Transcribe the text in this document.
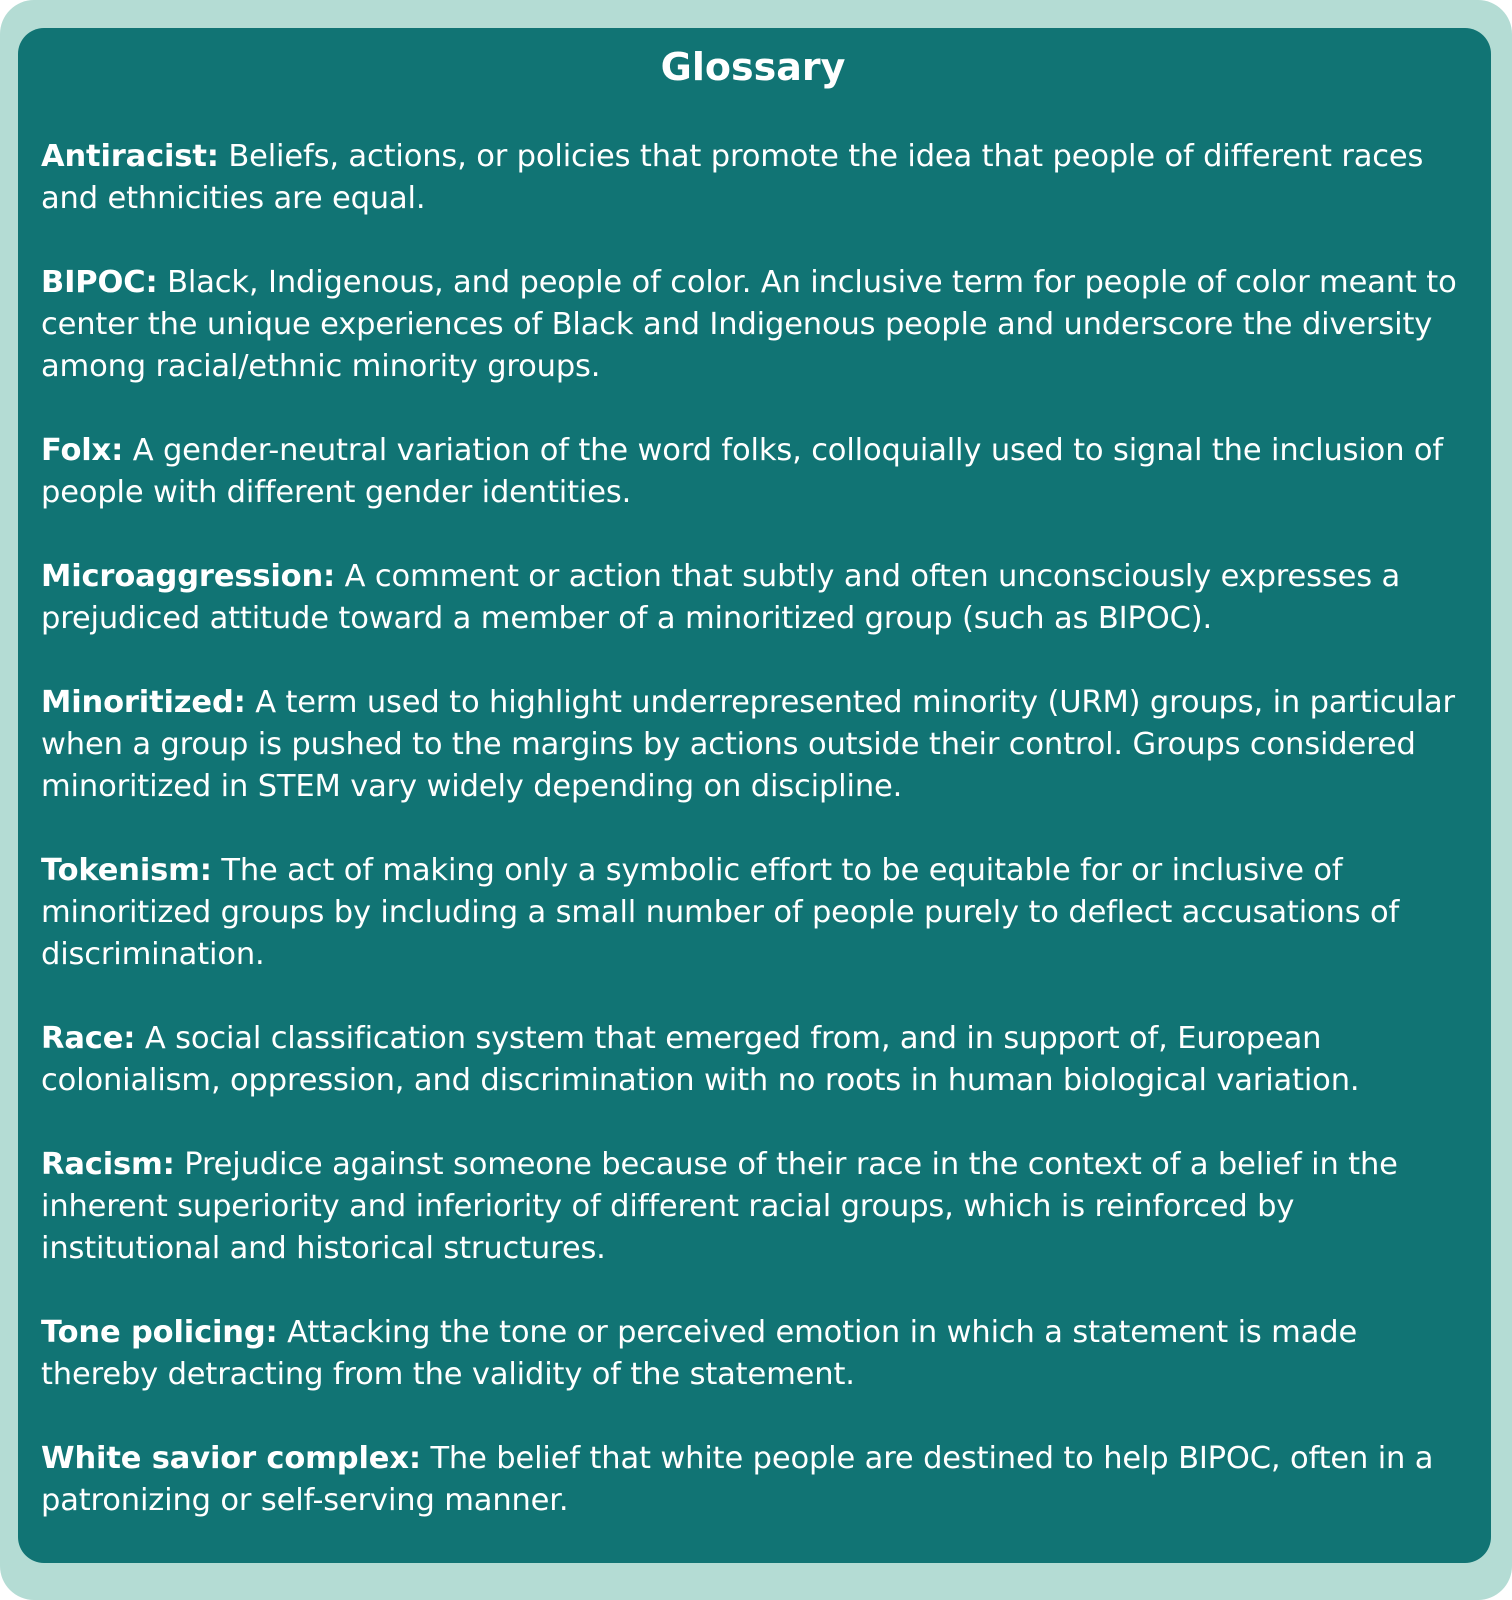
Glossary

Antiracist: Beliefs, actions, or policies that promote the idea that people of different races and ethnicities are equal.

BIPOC: Black, Indigenous, and people of color. An inclusive term for people of color meant to center the unique experiences of Black and Indigenous people and underscore the diversity among racial/ethnic minority groups.

Folx: A gender-neutral variation of the word folks, colloquially used to signal the inclusion of people with different gender identities.

Microaggression: A comment or action that subtly and often unconsciously expresses a prejudiced attitude toward a member of a minoritized group (such as BIPOC).

Minoritized: A term used to highlight underrepresented minority (URM) groups, in particular when a group is pushed to the margins by actions outside their control. Groups considered minoritized in STEM vary widely depending on discipline.

Tokenism: The act of making only a symbolic effort to be equitable for or inclusive of minoritized groups by including a small number of people purely to deflect accusations of discrimination.

Race: A social classification system that emerged from, and in support of, European colonialism, oppression, and discrimination with no roots in human biological variation.

Racism: Prejudice against someone because of their race in the context of a belief in the inherent superiority and inferiority of different racial groups, which is reinforced by institutional and historical structures.

Tone policing: Attacking the tone or perceived emotion in which a statement is made thereby detracting from the validity of the statement.

White savior complex: The belief that white people are destined to help BIPOC, often in a patronizing or self-serving manner.
